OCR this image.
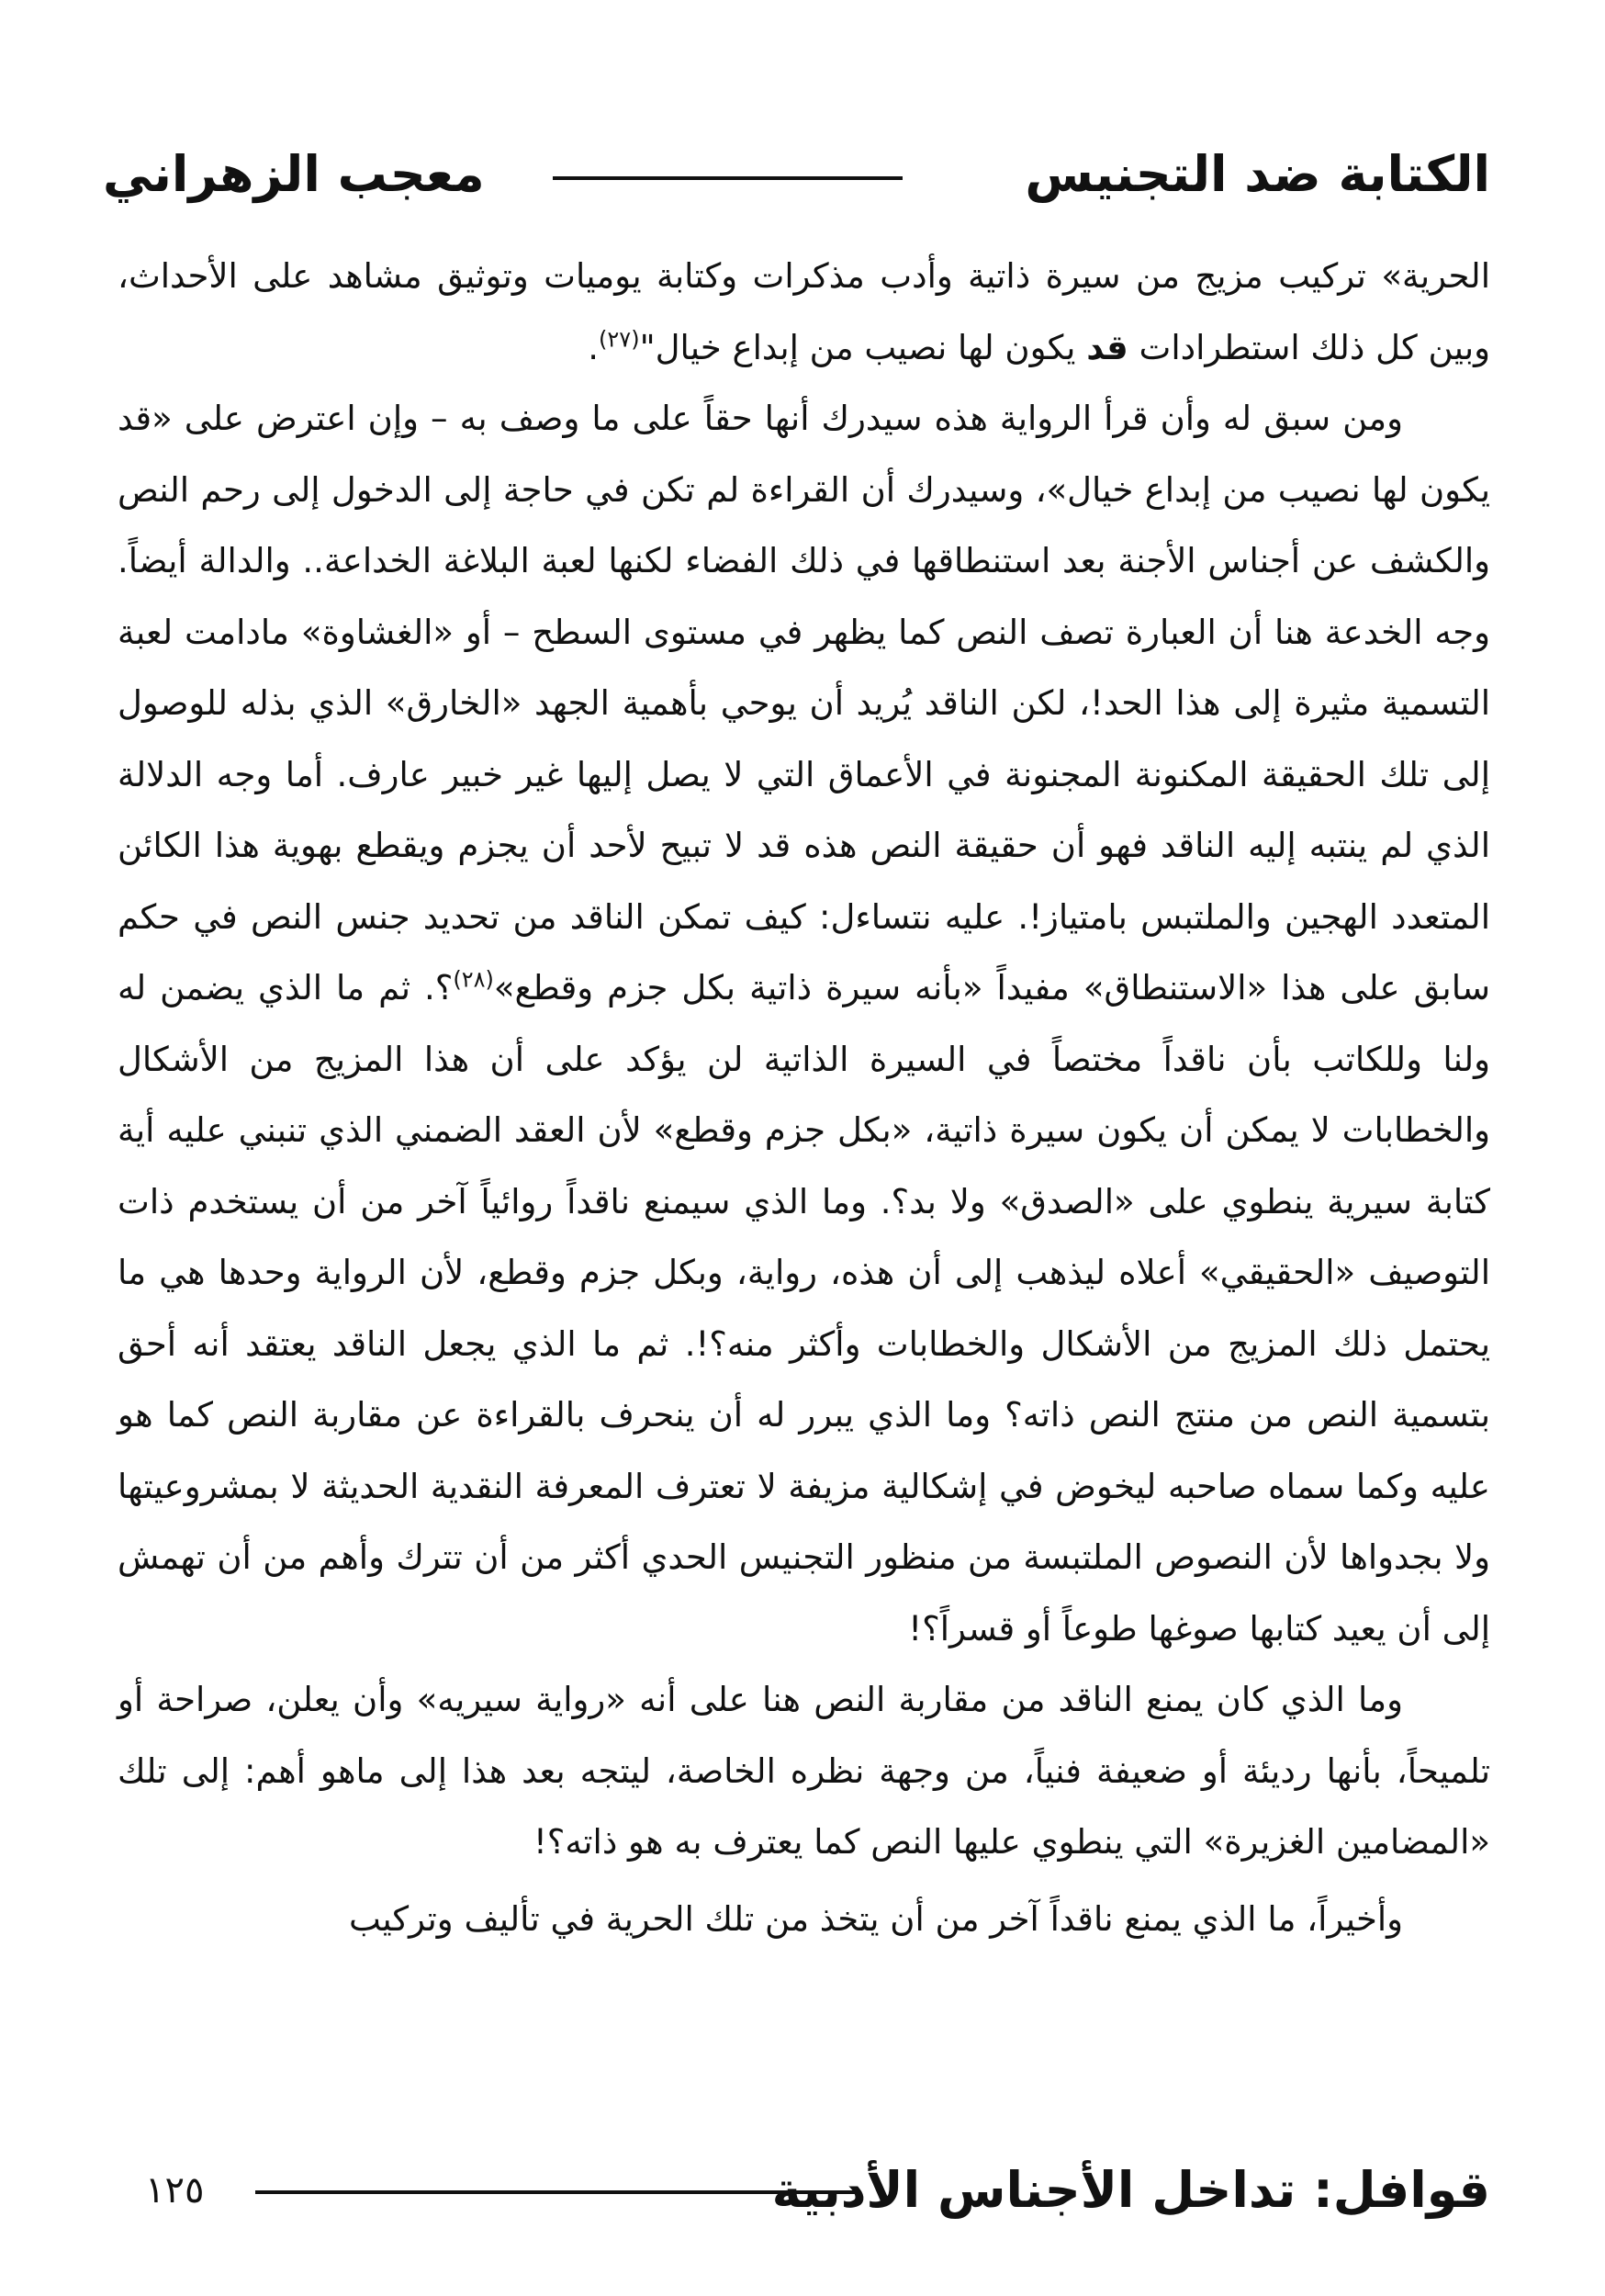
الكتابة ضد التجنيس
معجب الزهراني

الحرية» تركيب مزيج من سيرة ذاتية وأدب مذكرات وكتابة يوميات وتوثيق مشاهد على الأحداث، وبين كل ذلك استطرادات قد يكون لها نصيب من إبداع خيال"$^{(٢٧)}$.

ومن سبق له وأن قرأ الرواية هذه سيدرك أنها حقاً على ما وصف به – وإن اعترض على «قد يكون لها نصيب من إبداع خيال»، وسيدرك أن القراءة لم تكن في حاجة إلى الدخول إلى رحم النص والكشف عن أجناس الأجنة بعد استنطاقها في ذلك الفضاء لكنها لعبة البلاغة الخداعة.. والدالة أيضاً. وجه الخدعة هنا أن العبارة تصف النص كما يظهر في مستوى السطح – أو «الغشاوة» مادامت لعبة التسمية مثيرة إلى هذا الحد!، لكن الناقد يُريد أن يوحي بأهمية الجهد «الخارق» الذي بذله للوصول إلى تلك الحقيقة المكنونة المجنونة في الأعماق التي لا يصل إليها غير خبير عارف. أما وجه الدلالة الذي لم ينتبه إليه الناقد فهو أن حقيقة النص هذه قد لا تبيح لأحد أن يجزم ويقطع بهوية هذا الكائن المتعدد الهجين والملتبس بامتياز!. عليه نتساءل: كيف تمكن الناقد من تحديد جنس النص في حكم سابق على هذا «الاستنطاق» مفيداً «بأنه سيرة ذاتية بكل جزم وقطع»$^{(٢٨)}$؟. ثم ما الذي يضمن له ولنا وللكاتب بأن ناقداً مختصاً في السيرة الذاتية لن يؤكد على أن هذا المزيج من الأشكال والخطابات لا يمكن أن يكون سيرة ذاتية، «بكل جزم وقطع» لأن العقد الضمني الذي تنبني عليه أية كتابة سيرية ينطوي على «الصدق» ولا بد؟. وما الذي سيمنع ناقداً روائياً آخر من أن يستخدم ذات التوصيف «الحقيقي» أعلاه ليذهب إلى أن هذه، رواية، وبكل جزم وقطع، لأن الرواية وحدها هي ما يحتمل ذلك المزيج من الأشكال والخطابات وأكثر منه؟!. ثم ما الذي يجعل الناقد يعتقد أنه أحق بتسمية النص من منتج النص ذاته؟ وما الذي يبرر له أن ينحرف بالقراءة عن مقاربة النص كما هو عليه وكما سماه صاحبه ليخوض في إشكالية مزيفة لا تعترف المعرفة النقدية الحديثة لا بمشروعيتها ولا بجدواها لأن النصوص الملتبسة من منظور التجنيس الحدي أكثر من أن تترك وأهم من أن تهمش إلى أن يعيد كتابها صوغها طوعاً أو قسراً؟!

وما الذي كان يمنع الناقد من مقاربة النص هنا على أنه «رواية سيريه» وأن يعلن، صراحة أو تلميحاً، بأنها رديئة أو ضعيفة فنياً، من وجهة نظره الخاصة، ليتجه بعد هذا إلى ماهو أهم: إلى تلك «المضامين الغزيرة» التي ينطوي عليها النص كما يعترف به هو ذاته؟!

وأخيراً، ما الذي يمنع ناقداً آخر من أن يتخذ من تلك الحرية في تأليف وتركيب

قوافل: تداخل الأجناس الأدبية
١٢٥
